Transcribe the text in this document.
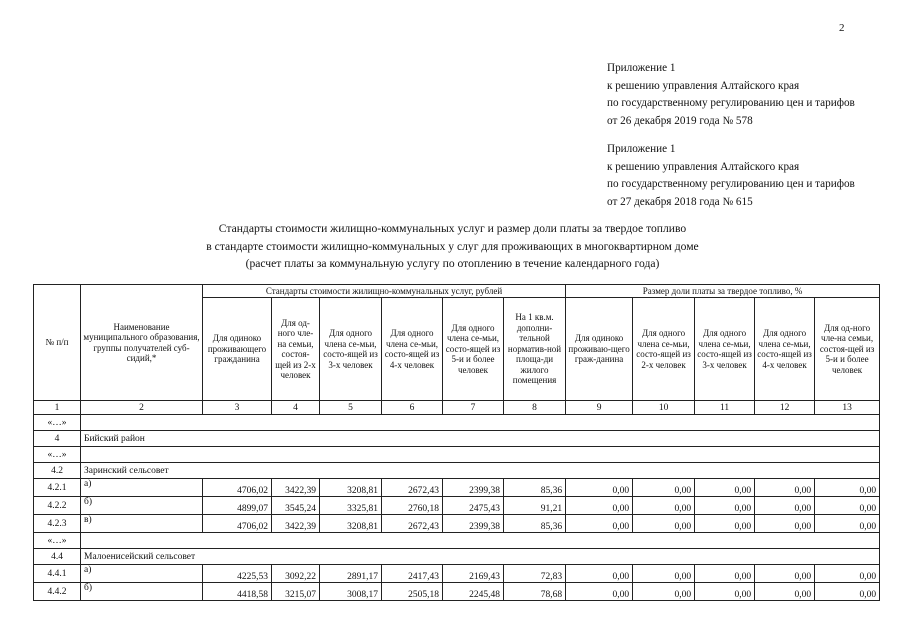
2
Приложение 1
к решению управления Алтайского края
по государственному регулированию цен и тарифов
от 26 декабря 2019 года № 578
Приложение 1
к решению управления Алтайского края
по государственному регулированию цен и тарифов
от 27 декабря 2018 года № 615
Стандарты стоимости жилищно-коммунальных услуг и размер доли платы за твердое топливо
в стандарте стоимости жилищно-коммунальных у слуг для проживающих в многоквартирном доме
(расчет платы за коммунальную услугу по отоплению в течение календарного года)
№ п/п	Наименование муниципального образования, группы получателей суб-сидий,*	Стандарты стоимости жилищно-коммунальных услуг, рублей						Размер доли платы за твердое топливо, %				
		Для одиноко проживающего гражданина	Для од-ного чле-на семьи, состоя-щей из 2-х человек	Для одного члена се-мьи, состо-ящей из 3-х человек	Для одного члена се-мьи, состо-ящей из 4-х человек	Для одного члена се-мьи, состо-ящей из 5-и и более человек	На 1 кв.м. дополни-тельной норматив-ной площа-ди жилого помещения	Для одиноко проживаю-щего граж-данина	Для одного члена се-мьи, состо-ящей из 2-х человек	Для одного члена се-мьи, состо-ящей из 3-х человек	Для одного члена се-мьи, состо-ящей из 4-х человек	Для од-ного чле-на семьи, состоя-щей из 5-и и более человек
1	2	3	4	5	6	7	8	9	10	11	12	13
«…»												
4	Бийский район											
«…»												
4.2	Заринский сельсовет											
4.2.1	а)	4706,02	3422,39	3208,81	2672,43	2399,38	85,36	0,00	0,00	0,00	0,00	0,00
4.2.2	б)	4899,07	3545,24	3325,81	2760,18	2475,43	91,21	0,00	0,00	0,00	0,00	0,00
4.2.3	в)	4706,02	3422,39	3208,81	2672,43	2399,38	85,36	0,00	0,00	0,00	0,00	0,00
«…»												
4.4	Малоенисейский сельсовет											
4.4.1	а)	4225,53	3092,22	2891,17	2417,43	2169,43	72,83	0,00	0,00	0,00	0,00	0,00
4.4.2	б)	4418,58	3215,07	3008,17	2505,18	2245,48	78,68	0,00	0,00	0,00	0,00	0,00
